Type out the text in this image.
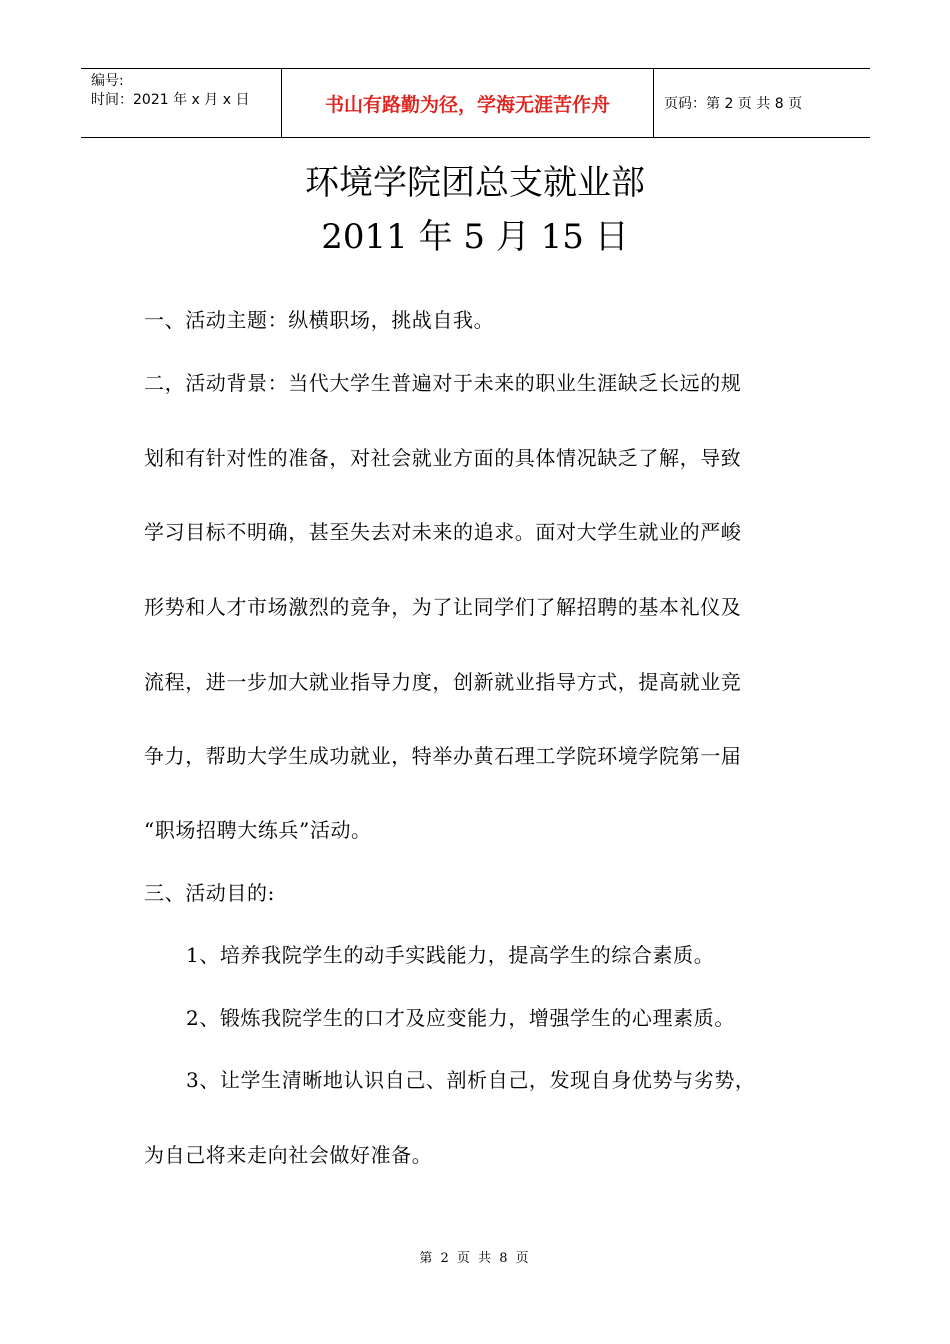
编号:
时间：2021 年 x 月 x 日	书山有路勤为径，学海无涯苦作舟	页码：第 2 页 共 8 页
环境学院团总支就业部
2011 年 5 月 15 日
一、活动主题：纵横职场，挑战自我。
二，活动背景：当代大学生普遍对于未来的职业生涯缺乏长远的规
划和有针对性的准备，对社会就业方面的具体情况缺乏了解，导致
学习目标不明确，甚至失去对未来的追求。面对大学生就业的严峻
形势和人才市场激烈的竞争，为了让同学们了解招聘的基本礼仪及
流程，进一步加大就业指导力度，创新就业指导方式，提高就业竞
争力，帮助大学生成功就业，特举办黄石理工学院环境学院第一届
“职场招聘大练兵”活动。
三、活动目的:
1、培养我院学生的动手实践能力，提高学生的综合素质。
2、锻炼我院学生的口才及应变能力，增强学生的心理素质。
3、让学生清晰地认识自己、剖析自己，发现自身优势与劣势，
为自己将来走向社会做好准备。
第 2 页 共 8 页
